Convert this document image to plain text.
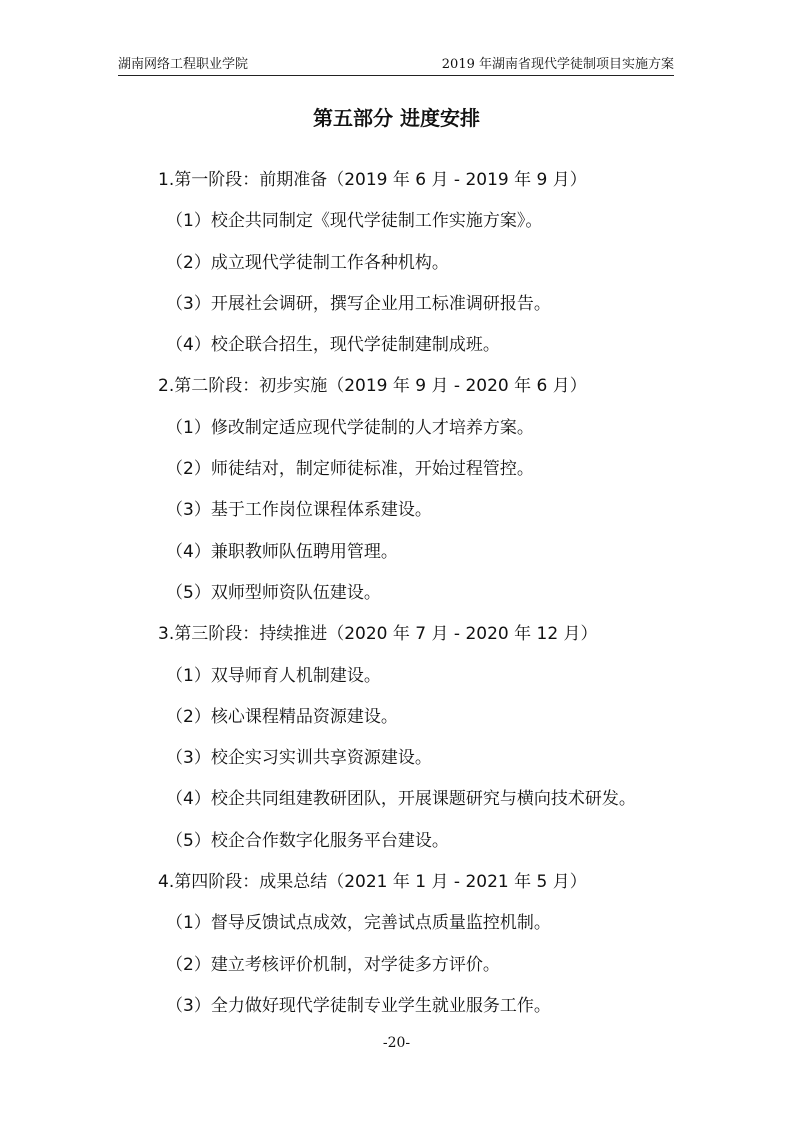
湖南网络工程职业学院	2019 年湖南省现代学徒制项目实施方案
第五部分 进度安排
1.第一阶段：前期准备（2019 年 6 月 - 2019 年 9 月）
（1）校企共同制定《现代学徒制工作实施方案》。
（2）成立现代学徒制工作各种机构。
（3）开展社会调研，撰写企业用工标准调研报告。
（4）校企联合招生，现代学徒制建制成班。
2.第二阶段：初步实施（2019 年 9 月 - 2020 年 6 月）
（1）修改制定适应现代学徒制的人才培养方案。
（2）师徒结对，制定师徒标准，开始过程管控。
（3）基于工作岗位课程体系建设。
（4）兼职教师队伍聘用管理。
（5）双师型师资队伍建设。
3.第三阶段：持续推进（2020 年 7 月 - 2020 年 12 月）
（1）双导师育人机制建设。
（2）核心课程精品资源建设。
（3）校企实习实训共享资源建设。
（4）校企共同组建教研团队，开展课题研究与横向技术研发。
（5）校企合作数字化服务平台建设。
4.第四阶段：成果总结（2021 年 1 月 - 2021 年 5 月）
（1）督导反馈试点成效，完善试点质量监控机制。
（2）建立考核评价机制，对学徒多方评价。
（3）全力做好现代学徒制专业学生就业服务工作。
-20-
